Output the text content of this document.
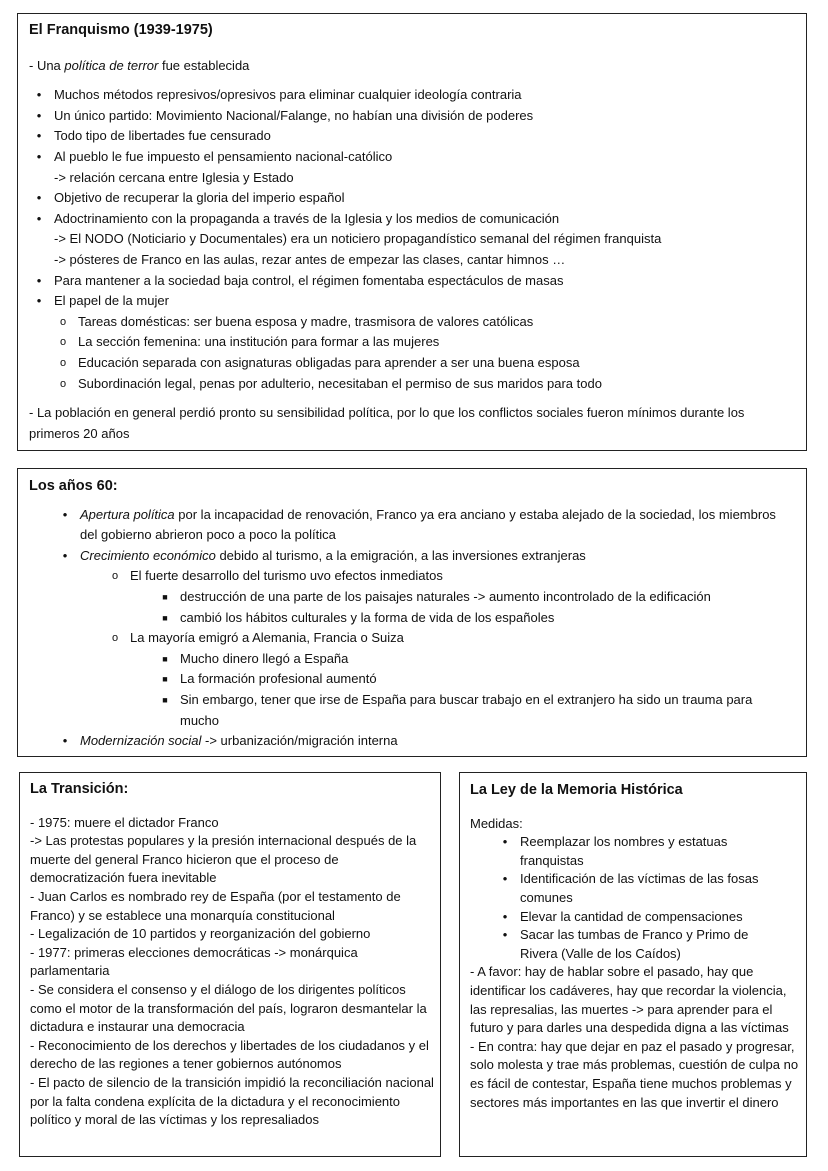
El Franquismo (1939-1975)

- Una política de terror fue establecida

• Muchos métodos represivos/opresivos para eliminar cualquier ideología contraria
• Un único partido: Movimiento Nacional/Falange, no habían una división de poderes
• Todo tipo de libertades fue censurado
• Al pueblo le fue impuesto el pensamiento nacional-católico
-> relación cercana entre Iglesia y Estado
• Objetivo de recuperar la gloria del imperio español
• Adoctrinamiento con la propaganda a través de la Iglesia y los medios de comunicación
-> El NODO (Noticiario y Documentales) era un noticiero propagandístico semanal del régimen franquista
-> pósteres de Franco en las aulas, rezar antes de empezar las clases, cantar himnos …
• Para mantener a la sociedad baja control, el régimen fomentaba espectáculos de masas
• El papel de la mujer
o Tareas domésticas: ser buena esposa y madre, trasmisora de valores católicas
o La sección femenina: una institución para formar a las mujeres
o Educación separada con asignaturas obligadas para aprender a ser una buena esposa
o Subordinación legal, penas por adulterio, necesitaban el permiso de sus maridos para todo

- La población en general perdió pronto su sensibilidad política, por lo que los conflictos sociales fueron mínimos durante los primeros 20 años

Los años 60:

• Apertura política por la incapacidad de renovación, Franco ya era anciano y estaba alejado de la sociedad, los miembros del gobierno abrieron poco a poco la política
• Crecimiento económico debido al turismo, a la emigración, a las inversiones extranjeras
o El fuerte desarrollo del turismo uvo efectos inmediatos
■ destrucción de una parte de los paisajes naturales -> aumento incontrolado de la edificación
■ cambió los hábitos culturales y la forma de vida de los españoles
o La mayoría emigró a Alemania, Francia o Suiza
■ Mucho dinero llegó a España
■ La formación profesional aumentó
■ Sin embargo, tener que irse de España para buscar trabajo en el extranjero ha sido un trauma para mucho
• Modernización social -> urbanización/migración interna

La Transición:

- 1975: muere el dictador Franco

-> Las protestas populares y la presión internacional después de la muerte del general Franco hicieron que el proceso de democratización fuera inevitable

- Juan Carlos es nombrado rey de España (por el testamento de Franco) y se establece una monarquía constitucional

- Legalización de 10 partidos y reorganización del gobierno

- 1977: primeras elecciones democráticas -> monárquica parlamentaria

- Se considera el consenso y el diálogo de los dirigentes políticos como el motor de la transformación del país, lograron desmantelar la dictadura e instaurar una democracia

- Reconocimiento de los derechos y libertades de los ciudadanos y el derecho de las regiones a tener gobiernos autónomos

- El pacto de silencio de la transición impidió la reconciliación nacional por la falta condena explícita de la dictadura y el reconocimiento político y moral de las víctimas y los represaliados

La Ley de la Memoria Histórica

Medidas:

• Reemplazar los nombres y estatuas franquistas
• Identificación de las víctimas de las fosas comunes
• Elevar la cantidad de compensaciones
• Sacar las tumbas de Franco y Primo de Rivera (Valle de los Caídos)

- A favor: hay de hablar sobre el pasado, hay que identificar los cadáveres, hay que recordar la violencia, las represalias, las muertes -> para aprender para el futuro y para darles una despedida digna a las víctimas

- En contra: hay que dejar en paz el pasado y progresar, solo molesta y trae más problemas, cuestión de culpa no es fácil de contestar, España tiene muchos problemas y sectores más importantes en las que invertir el dinero
